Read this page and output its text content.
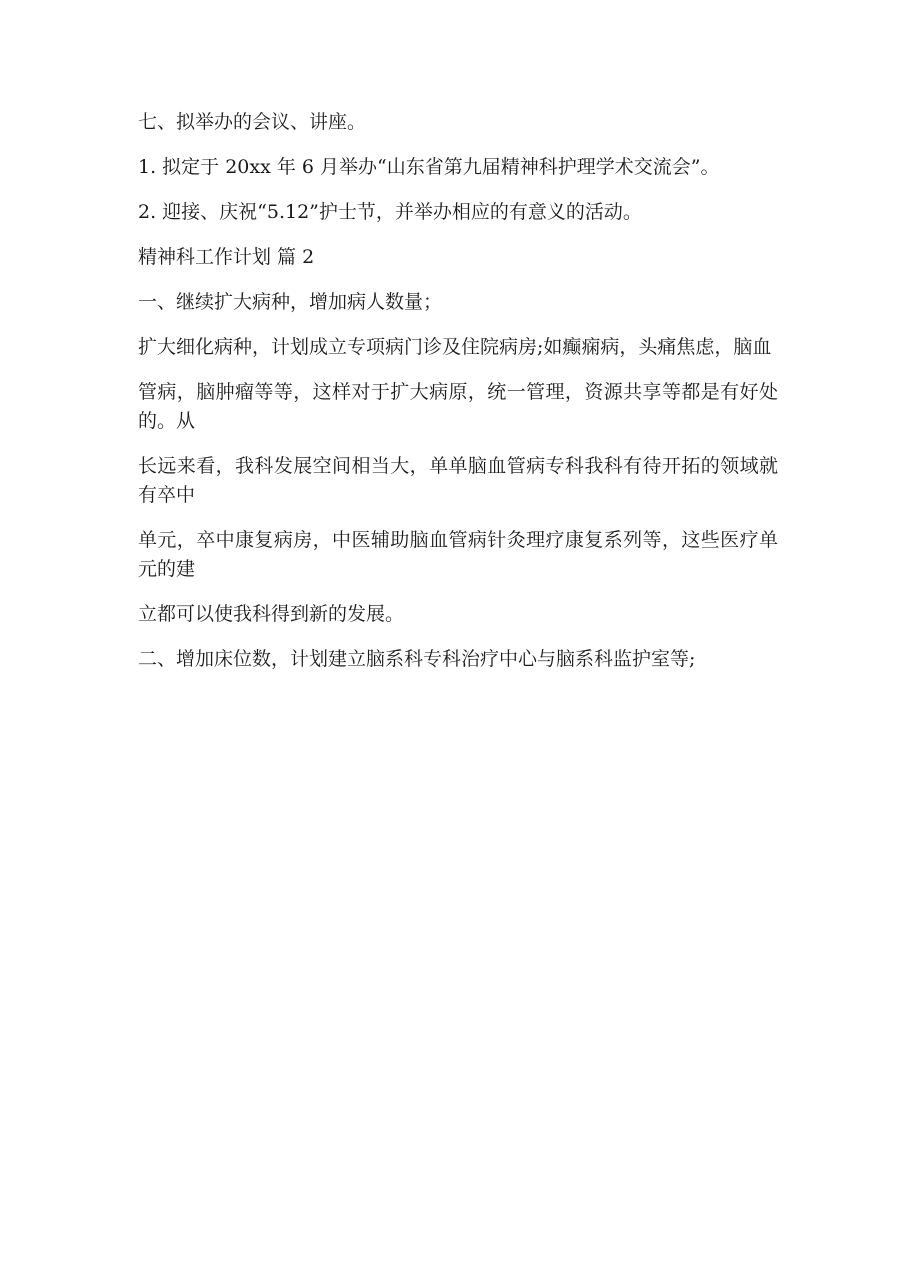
七、拟举办的会议、讲座。

1. 拟定于 20xx 年 6 月举办“山东省第九届精神科护理学术交流会”。

2. 迎接、庆祝“5.12”护士节，并举办相应的有意义的活动。

精神科工作计划 篇 2

一、继续扩大病种，增加病人数量；

扩大细化病种，计划成立专项病门诊及住院病房;如癫痫病，头痛焦虑，脑血

管病，脑肿瘤等等，这样对于扩大病原，统一管理，资源共享等都是有好处的。从

长远来看，我科发展空间相当大，单单脑血管病专科我科有待开拓的领域就有卒中

单元，卒中康复病房，中医辅助脑血管病针灸理疗康复系列等，这些医疗单元的建

立都可以使我科得到新的发展。

二、增加床位数，计划建立脑系科专科治疗中心与脑系科监护室等;
